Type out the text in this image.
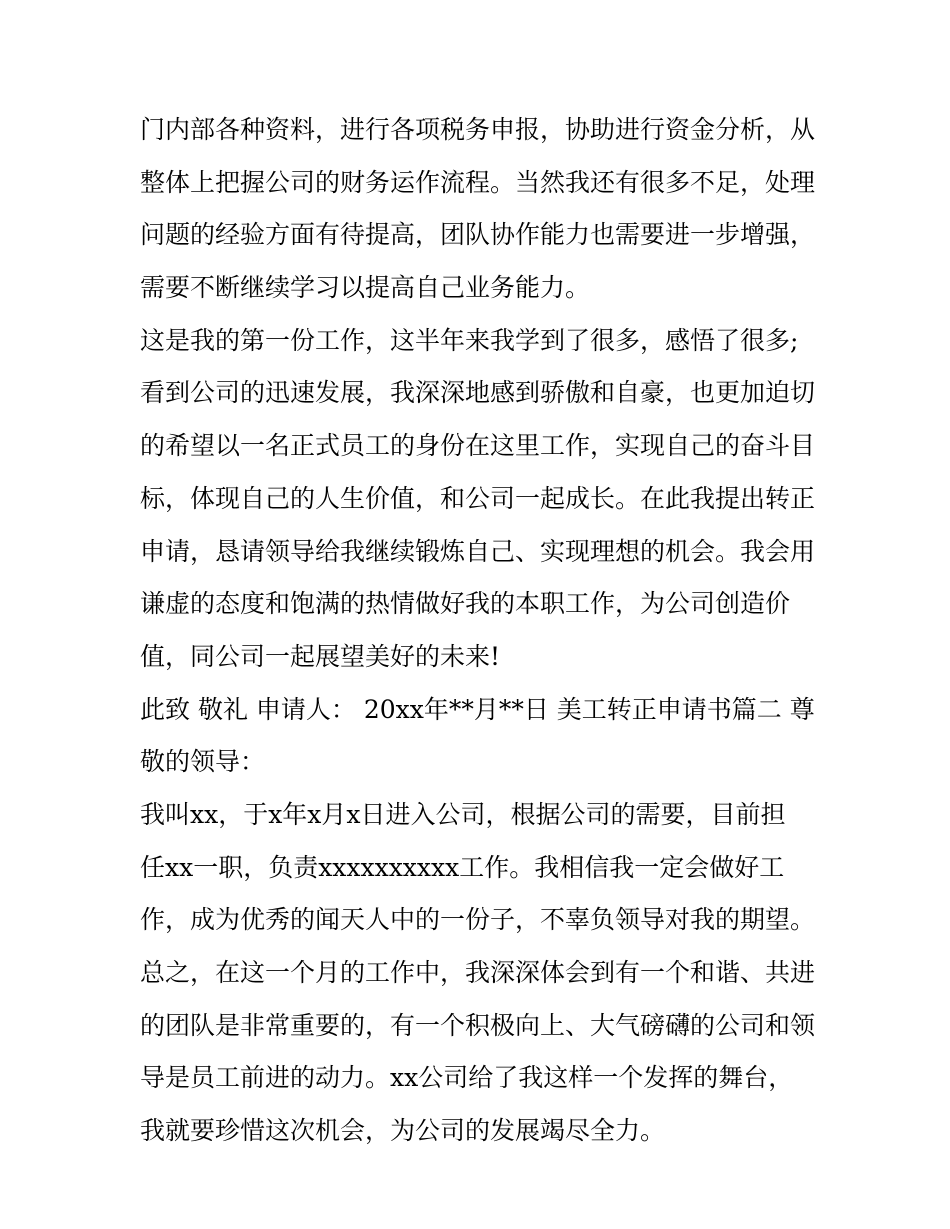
门内部各种资料，进行各项税务申报，协助进行资金分析，从
整体上把握公司的财务运作流程。当然我还有很多不足，处理
问题的经验方面有待提高，团队协作能力也需要进一步增强，
需要不断继续学习以提高自己业务能力。
这是我的第一份工作，这半年来我学到了很多，感悟了很多;
看到公司的迅速发展，我深深地感到骄傲和自豪，也更加迫切
的希望以一名正式员工的身份在这里工作，实现自己的奋斗目
标，体现自己的人生价值，和公司一起成长。在此我提出转正
申请，恳请领导给我继续锻炼自己、实现理想的机会。我会用
谦虚的态度和饱满的热情做好我的本职工作，为公司创造价
值，同公司一起展望美好的未来!
此致 敬礼 申请人： 20xx年**月**日 美工转正申请书篇二 尊
敬的领导：
我叫xx，于x年x月x日进入公司，根据公司的需要，目前担
任xx一职，负责xxxxxxxxxx工作。我相信我一定会做好工
作，成为优秀的闻天人中的一份子，不辜负领导对我的期望。
总之，在这一个月的工作中，我深深体会到有一个和谐、共进
的团队是非常重要的，有一个积极向上、大气磅礴的公司和领
导是员工前进的动力。xx公司给了我这样一个发挥的舞台，
我就要珍惜这次机会，为公司的发展竭尽全力。
